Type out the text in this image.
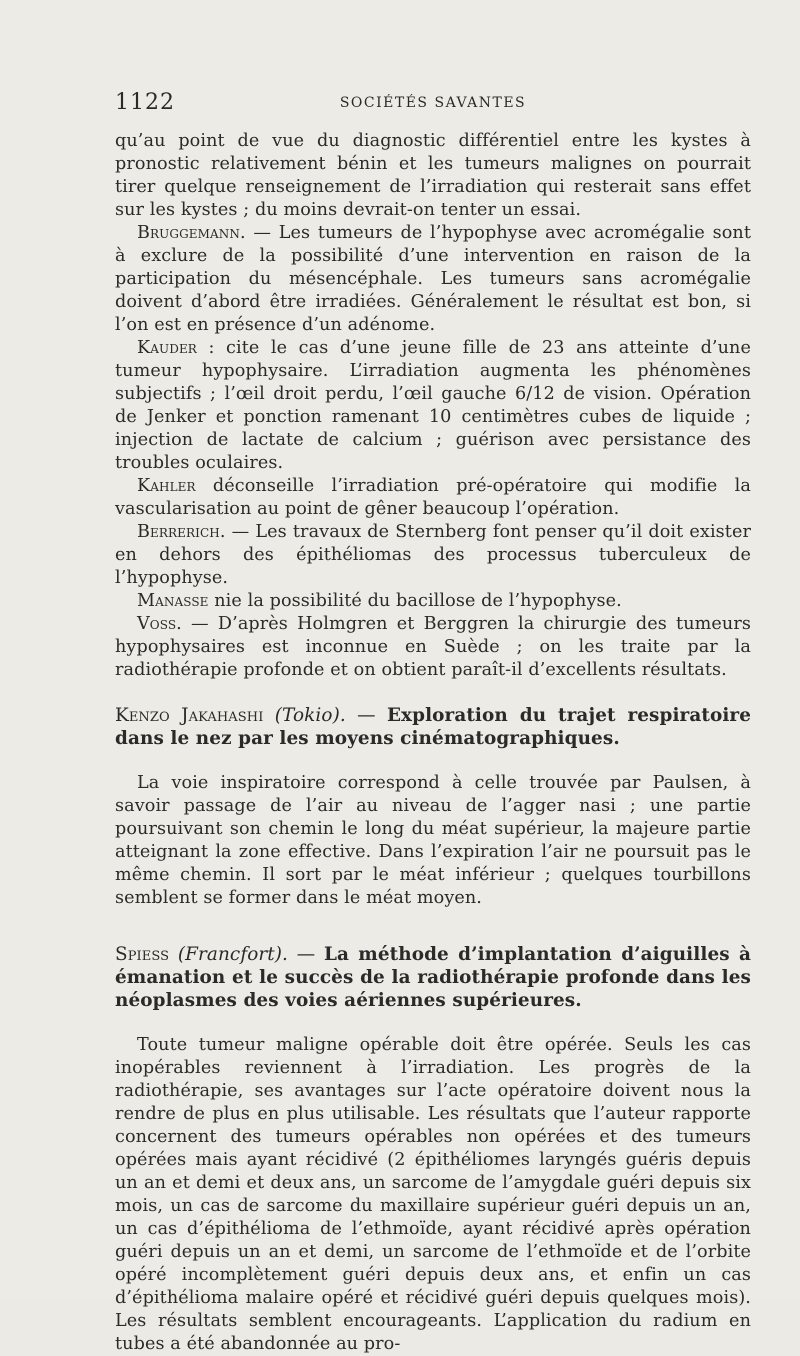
1122	SOCIÉTÉS SAVANTES

qu’au point de vue du diagnostic différentiel entre les kystes à pronostic relativement bénin et les tumeurs malignes on pourrait tirer quelque renseignement de l’irradiation qui resterait sans effet sur les kystes ; du moins devrait-on tenter un essai.

Bruggemann. — Les tumeurs de l’hypophyse avec acromégalie sont à exclure de la possibilité d’une intervention en raison de la participation du mésencéphale. Les tumeurs sans acromégalie doivent d’abord être irradiées. Généralement le résultat est bon, si l’on est en présence d’un adénome.

Kauder : cite le cas d’une jeune fille de 23 ans atteinte d’une tumeur hypophysaire. L’irradiation augmenta les phénomènes subjectifs ; l’œil droit perdu, l’œil gauche 6/12 de vision. Opération de Jenker et ponction ramenant 10 centimètres cubes de liquide ; injection de lactate de calcium ; guérison avec persistance des troubles oculaires.

Kahler déconseille l’irradiation pré-opératoire qui modifie la vascularisation au point de gêner beaucoup l’opération.

Berrerich. — Les travaux de Sternberg font penser qu’il doit exister en dehors des épithéliomas des processus tuberculeux de l’hypophyse.

Manasse nie la possibilité du bacillose de l’hypophyse.

Voss. — D’après Holmgren et Berggren la chirurgie des tumeurs hypophysaires est inconnue en Suède ; on les traite par la radiothérapie profonde et on obtient paraît-il d’excellents résultats.

Kenzo Jakahashi (Tokio). — Exploration du trajet respiratoire dans le nez par les moyens cinématographiques.

La voie inspiratoire correspond à celle trouvée par Paulsen, à savoir passage de l’air au niveau de l’agger nasi ; une partie poursuivant son chemin le long du méat supérieur, la majeure partie atteignant la zone effective. Dans l’expiration l’air ne poursuit pas le même chemin. Il sort par le méat inférieur ; quelques tourbillons semblent se former dans le méat moyen.

Spiess (Francfort). — La méthode d’implantation d’aiguilles à émanation et le succès de la radiothérapie profonde dans les néoplasmes des voies aériennes supérieures.

Toute tumeur maligne opérable doit être opérée. Seuls les cas inopérables reviennent à l’irradiation. Les progrès de la radiothérapie, ses avantages sur l’acte opératoire doivent nous la rendre de plus en plus utilisable. Les résultats que l’auteur rapporte concernent des tumeurs opérables non opérées et des tumeurs opérées mais ayant récidivé (2 épithéliomes laryngés guéris depuis un an et demi et deux ans, un sarcome de l’amygdale guéri depuis six mois, un cas de sarcome du maxillaire supérieur guéri depuis un an, un cas d’épithélioma de l’ethmoïde, ayant récidivé après opération guéri depuis un an et demi, un sarcome de l’ethmoïde et de l’orbite opéré incomplètement guéri depuis deux ans, et enfin un cas d’épithélioma malaire opéré et récidivé guéri depuis quelques mois). Les résultats semblent encourageants. L’application du radium en tubes a été abandonnée au pro-
